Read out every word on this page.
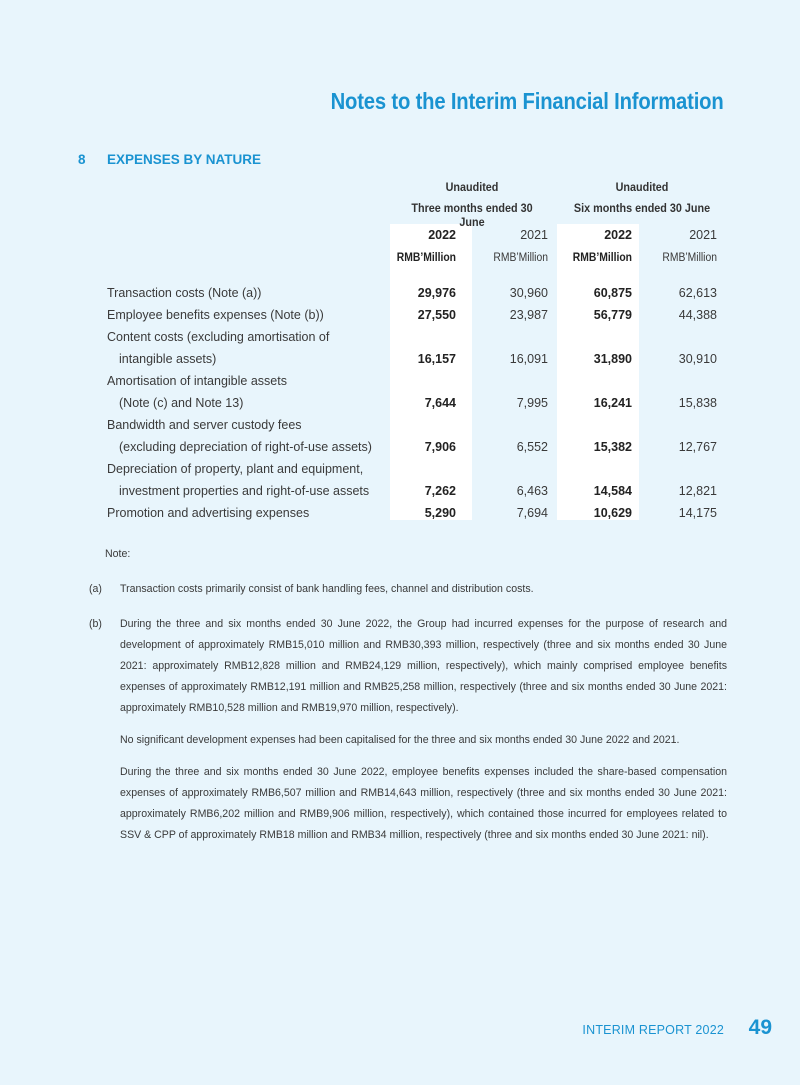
Notes to the Interim Financial Information
8 EXPENSES BY NATURE
Unaudited	Unaudited
Three months ended 30 June
Six months ended 30 June
2022	2021	2022	2021
RMB’Million	RMB’Million	RMB’Million	RMB’Million
Transaction costs (Note (a))	29,976	30,960	60,875	62,613
Employee benefits expenses (Note (b))	27,550	23,987	56,779	44,388
Content costs (excluding amortisation of
intangible assets)	16,157	16,091	31,890	30,910
Amortisation of intangible assets
(Note (c) and Note 13)	7,644	7,995	16,241	15,838
Bandwidth and server custody fees
(excluding depreciation of right-of-use assets)	7,906	6,552	15,382	12,767
Depreciation of property, plant and equipment,
investment properties and right-of-use assets	7,262	6,463	14,584	12,821
Promotion and advertising expenses	5,290	7,694	10,629	14,175
Note:
(a) Transaction costs primarily consist of bank handling fees, channel and distribution costs.
(b) During the three and six months ended 30 June 2022, the Group had incurred expenses for the purpose of research and development of approximately RMB15,010 million and RMB30,393 million, respectively (three and six months ended 30 June 2021: approximately RMB12,828 million and RMB24,129 million, respectively), which mainly comprised employee benefits expenses of approximately RMB12,191 million and RMB25,258 million, respectively (three and six months ended 30 June 2021: approximately RMB10,528 million and RMB19,970 million, respectively).
No significant development expenses had been capitalised for the three and six months ended 30 June 2022 and 2021.
During the three and six months ended 30 June 2022, employee benefits expenses included the share-based compensation expenses of approximately RMB6,507 million and RMB14,643 million, respectively (three and six months ended 30 June 2021: approximately RMB6,202 million and RMB9,906 million, respectively), which contained those incurred for employees related to SSV & CPP of approximately RMB18 million and RMB34 million, respectively (three and six months ended 30 June 2021: nil).
INTERIM REPORT 2022 49
